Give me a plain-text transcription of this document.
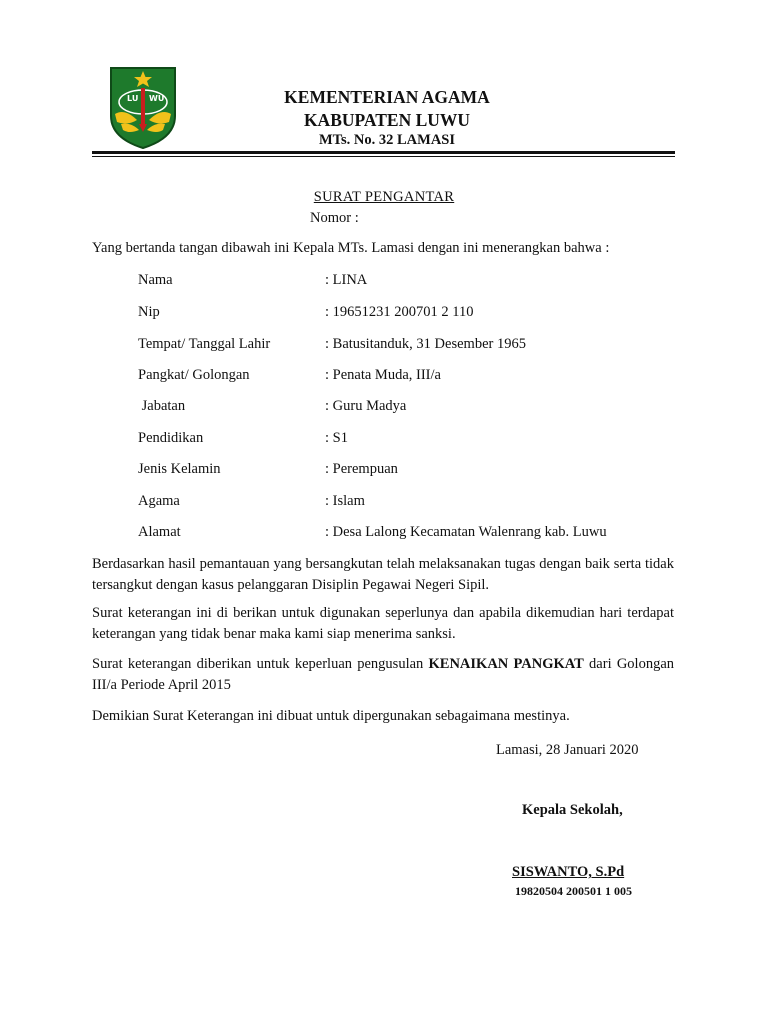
LU WU	KEMENTERIAN AGAMA
KABUPATEN LUWU
MTs. No. 32 LAMASI
SURAT PENGANTAR
Nomor :
Yang bertanda tangan dibawah ini Kepala MTs. Lamasi dengan ini menerangkan bahwa :
Nama	: LINA
Nip	: 19651231 200701 2 110
Tempat/ Tanggal Lahir	: Batusitanduk, 31 Desember 1965
Pangkat/ Golongan	: Penata Muda, III/a
Jabatan	: Guru Madya
Pendidikan	: S1
Jenis Kelamin	: Perempuan
Agama	: Islam
Alamat	: Desa Lalong Kecamatan Walenrang kab. Luwu
Berdasarkan hasil pemantauan yang bersangkutan telah melaksanakan tugas dengan baik serta tidak tersangkut dengan kasus pelanggaran Disiplin Pegawai Negeri Sipil.
Surat keterangan ini di berikan untuk digunakan seperlunya dan apabila dikemudian hari terdapat keterangan yang tidak benar maka kami siap menerima sanksi.
Surat keterangan diberikan untuk keperluan pengusulan KENAIKAN PANGKAT dari Golongan III/a Periode April 2015
Demikian Surat Keterangan ini dibuat untuk dipergunakan sebagaimana mestinya.
Lamasi, 28 Januari 2020
Kepala Sekolah,
SISWANTO, S.Pd
19820504 200501 1 005
